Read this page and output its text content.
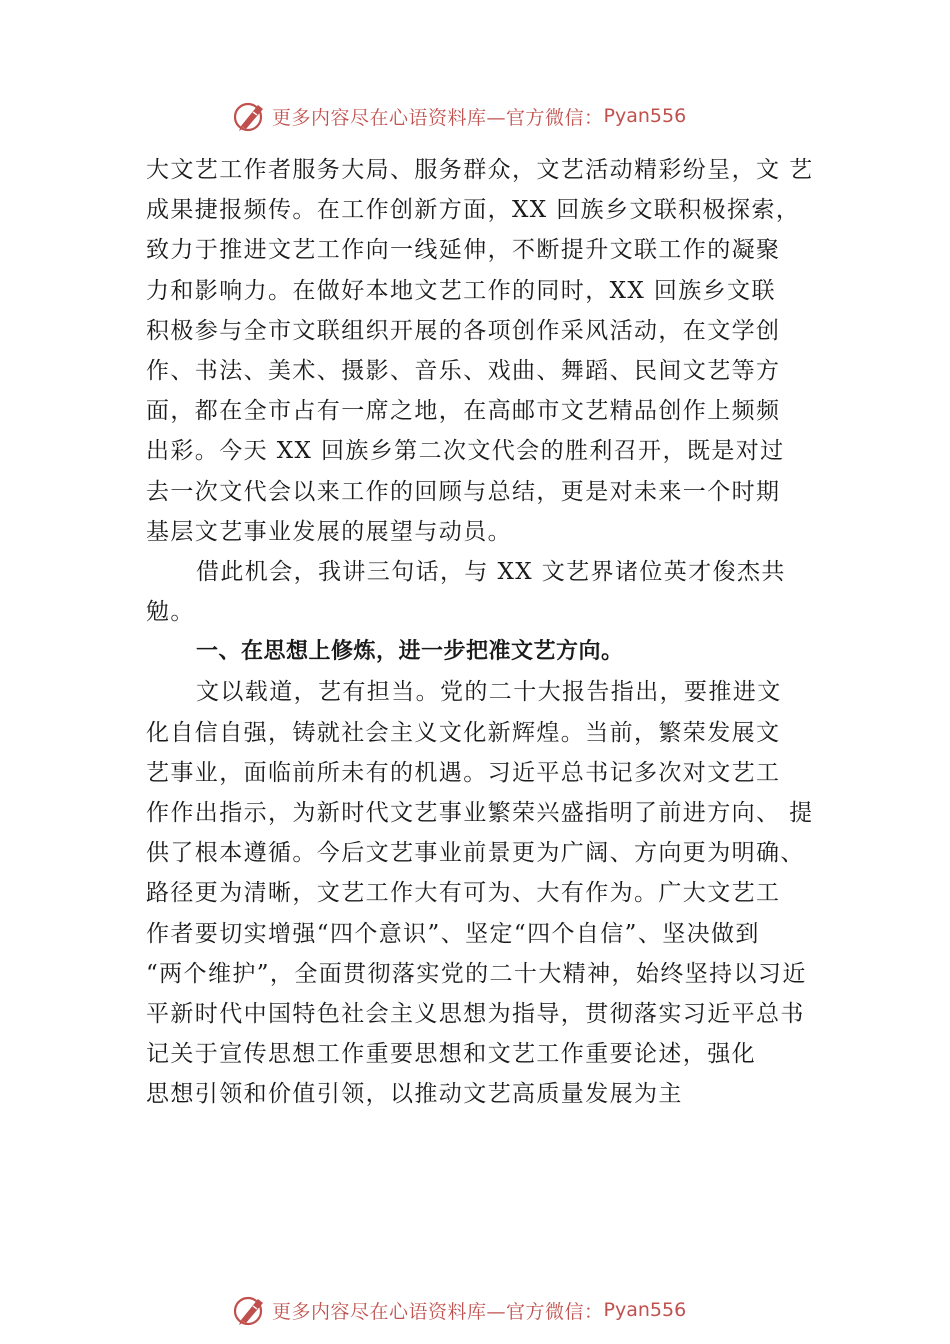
更多内容尽在心语资料库—官方微信： Pyan556
大文艺工作者服务大局、服务群众，文艺活动精彩纷呈，文 艺
成果捷报频传。在工作创新方面，XX 回族乡文联积极探索，
致力于推进文艺工作向一线延伸，不断提升文联工作的凝聚
力和影响力。在做好本地文艺工作的同时，XX 回族乡文联
积极参与全市文联组织开展的各项创作采风活动，在文学创
作、书法、美术、摄影、音乐、戏曲、舞蹈、民间文艺等方
面，都在全市占有一席之地，在高邮市文艺精品创作上频频
出彩。今天 XX 回族乡第二次文代会的胜利召开，既是对过
去一次文代会以来工作的回顾与总结，更是对未来一个时期
基层文艺事业发展的展望与动员。
借此机会，我讲三句话，与 XX 文艺界诸位英才俊杰共
勉。
一、在思想上修炼，进一步把准文艺方向。
文以载道，艺有担当。党的二十大报告指出，要推进文
化自信自强，铸就社会主义文化新辉煌。当前，繁荣发展文
艺事业，面临前所未有的机遇。习近平总书记多次对文艺工
作作出指示，为新时代文艺事业繁荣兴盛指明了前进方向、 提
供了根本遵循。今后文艺事业前景更为广阔、方向更为明确、
路径更为清晰，文艺工作大有可为、大有作为。广大文艺工
作者要切实增强“四个意识”、坚定“四个自信”、坚决做到
“两个维护”，全面贯彻落实党的二十大精神，始终坚持以习近
平新时代中国特色社会主义思想为指导，贯彻落实习近平总书
记关于宣传思想工作重要思想和文艺工作重要论述，强化
思想引领和价值引领，以推动文艺高质量发展为主
更多内容尽在心语资料库—官方微信： Pyan556
